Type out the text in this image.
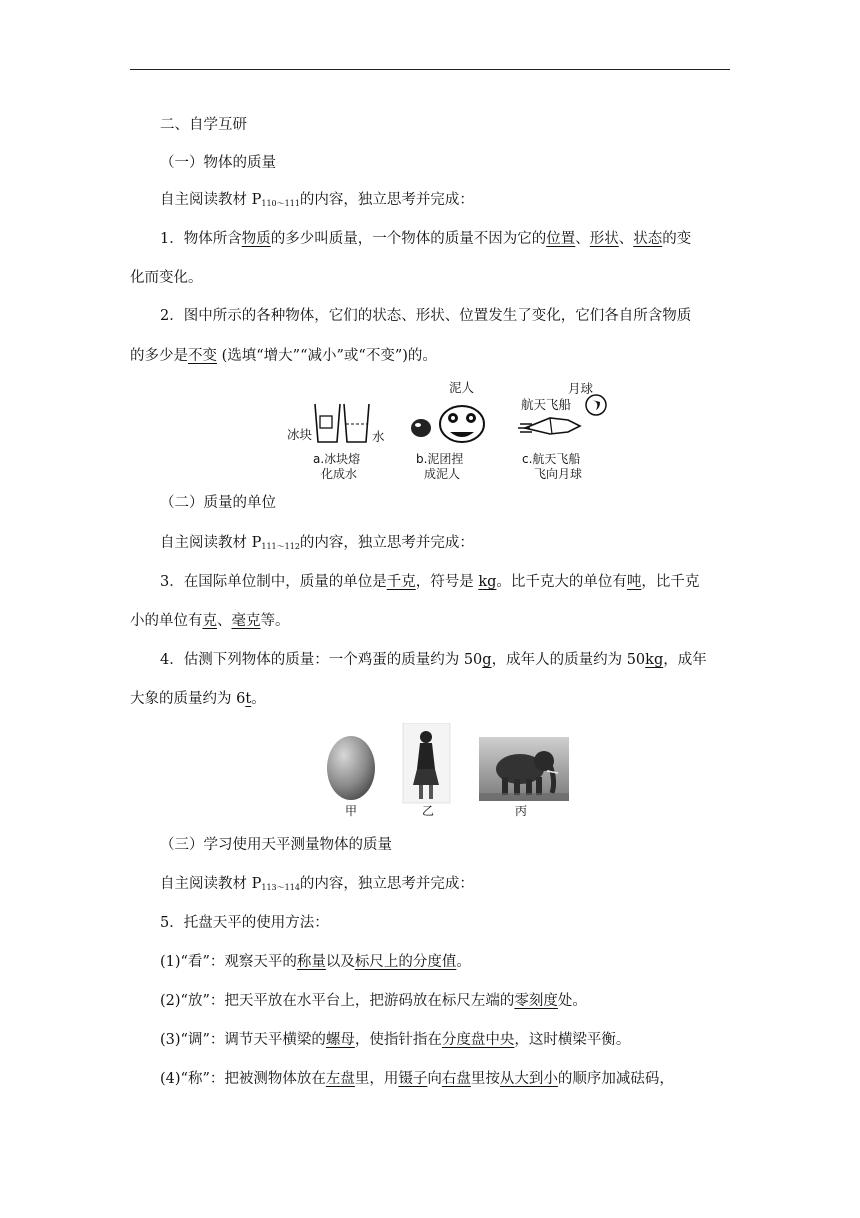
二、自学互研
（一）物体的质量
自主阅读教材 $P_{110\sim 111}$的内容，独立思考并完成：
1．物体所含物质的多少叫质量，一个物体的质量不因为它的位置、形状、状态的变
化而变化。
2．图中所示的各种物体，它们的状态、形状、位置发生了变化，它们各自所含物质
的多少是不变 (选填“增大”“减小”或“不变”)的。
冰块	水
泥人
航天飞船
月球
a.冰块熔
化成水
b.泥团捏
成泥人
c.航天飞船
飞向月球
（二）质量的单位
自主阅读教材 $P_{111\sim 112}$的内容，独立思考并完成：
3．在国际单位制中，质量的单位是千克，符号是 kg。比千克大的单位有吨，比千克
小的单位有克、毫克等。
4．估测下列物体的质量：一个鸡蛋的质量约为 50g，成年人的质量约为 50kg，成年
大象的质量约为 6t。
甲	乙	丙
（三）学习使用天平测量物体的质量
自主阅读教材 $P_{113\sim 114}$的内容，独立思考并完成：
5．托盘天平的使用方法：
(1)“看”：观察天平的称量以及标尺上的分度值。
(2)“放”：把天平放在水平台上，把游码放在标尺左端的零刻度处。
(3)“调”：调节天平横梁的螺母，使指针指在分度盘中央，这时横梁平衡。
(4)“称”：把被测物体放在左盘里，用镊子向右盘里按从大到小的顺序加减砝码，
